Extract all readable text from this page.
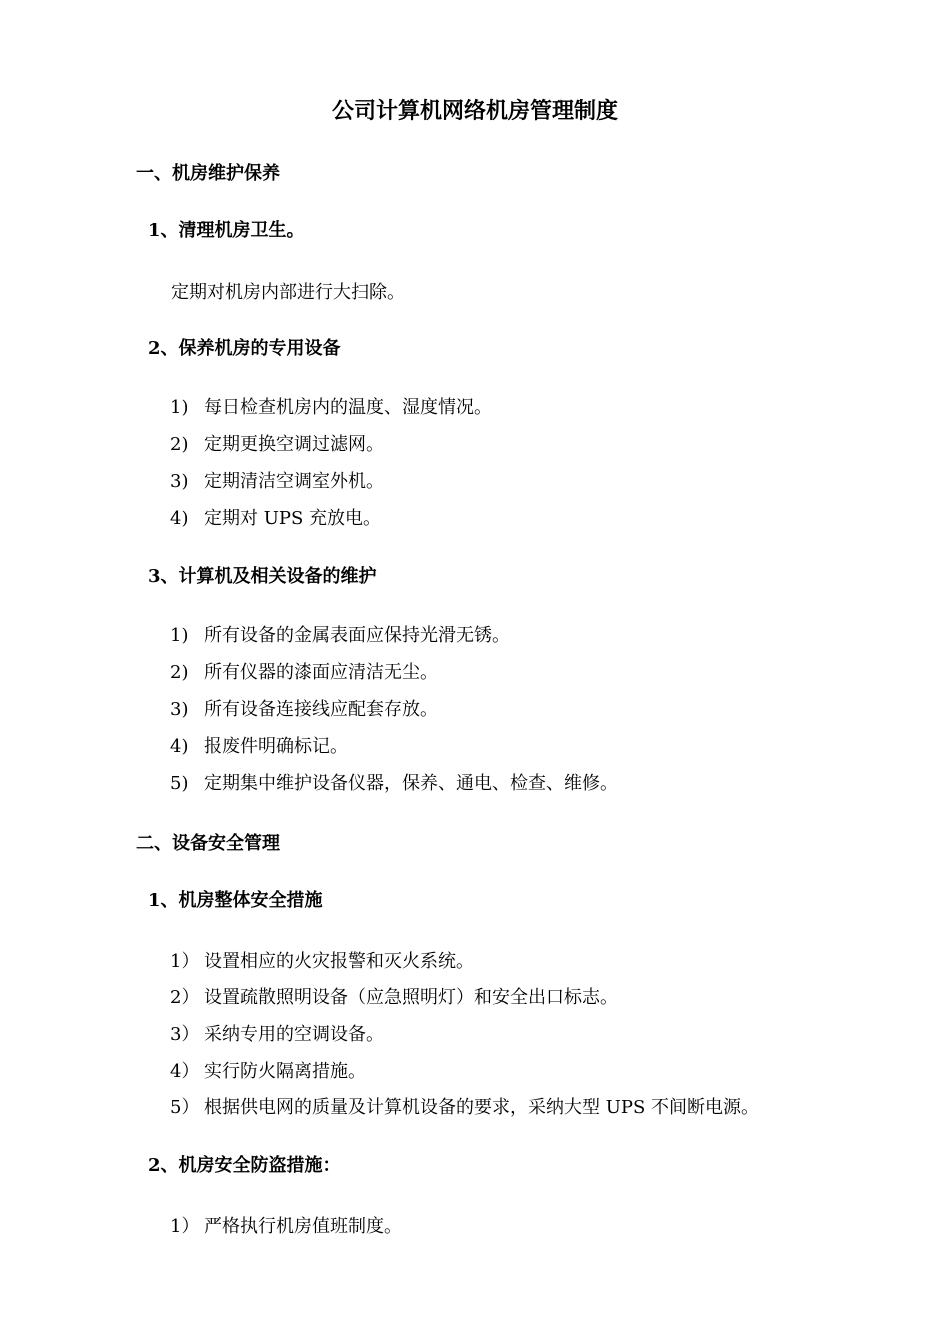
公司计算机网络机房管理制度
一、机房维护保养
1、清理机房卫生。

定期对机房内部进行大扫除。

2、保养机房的专用设备
1) 每日检查机房内的温度、湿度情况。
2) 定期更换空调过滤网。
3) 定期清洁空调室外机。
4) 定期对 UPS 充放电。
3、计算机及相关设备的维护
1) 所有设备的金属表面应保持光滑无锈。
2) 所有仪器的漆面应清洁无尘。
3) 所有设备连接线应配套存放。
4) 报废件明确标记。
5) 定期集中维护设备仪器，保养、通电、检查、维修。
二、设备安全管理
1、机房整体安全措施
1） 设置相应的火灾报警和灭火系统。
2） 设置疏散照明设备（应急照明灯）和安全出口标志。
3） 采纳专用的空调设备。
4） 实行防火隔离措施。
5） 根据供电网的质量及计算机设备的要求，采纳大型 UPS 不间断电源。
2、机房安全防盗措施：
1） 严格执行机房值班制度。
